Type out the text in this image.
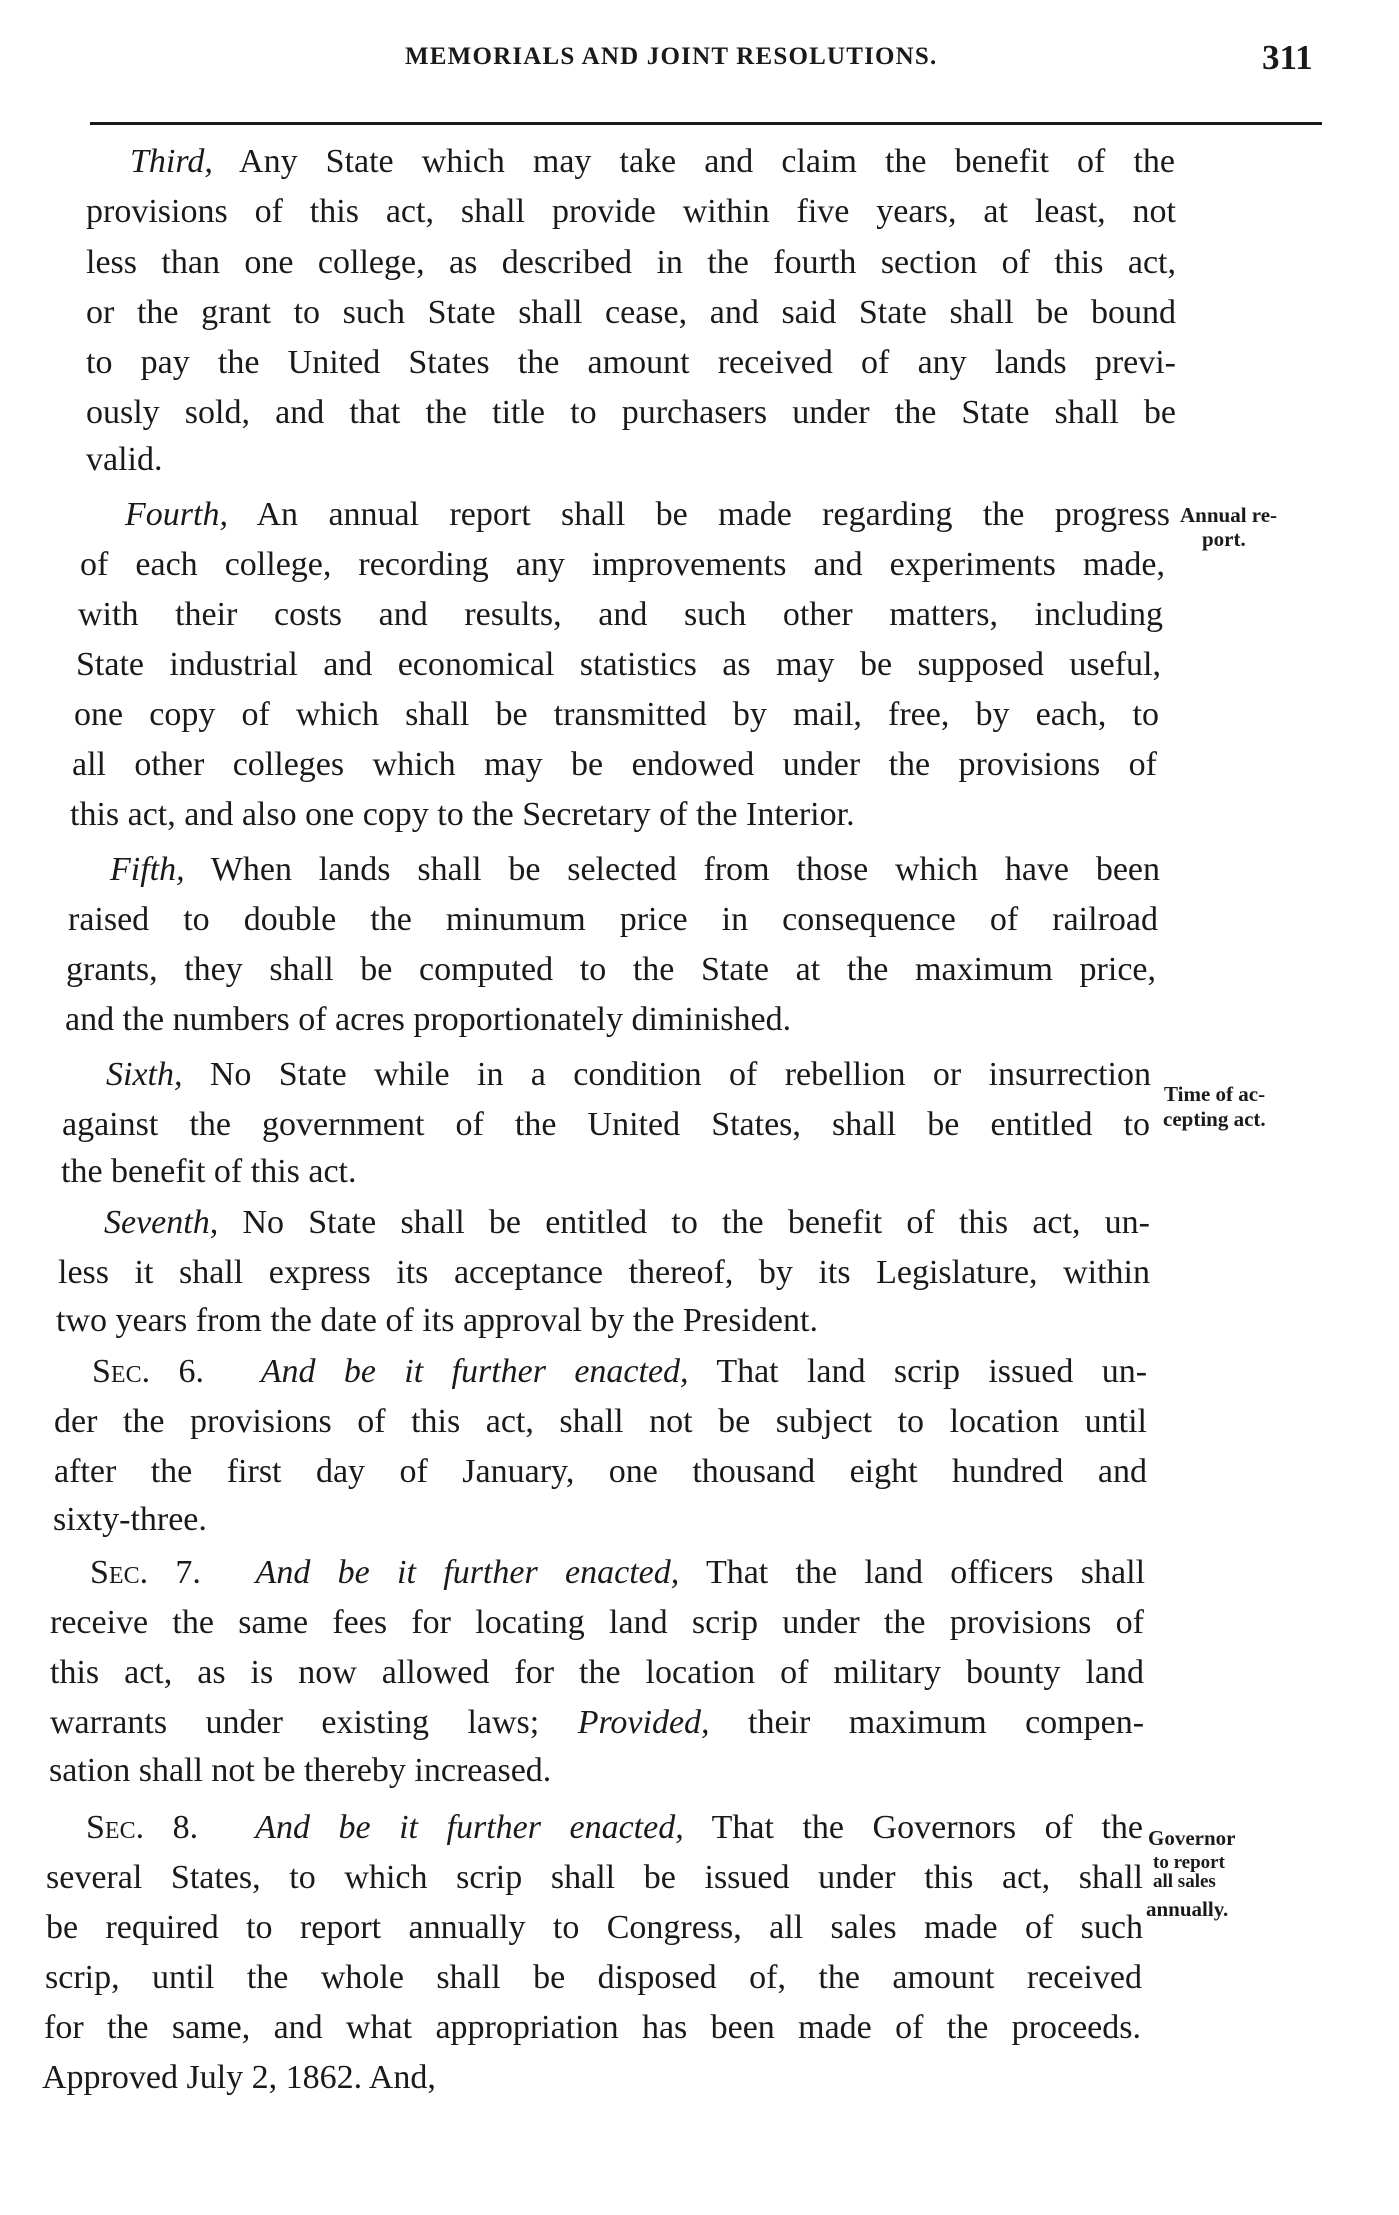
MEMORIALS AND JOINT RESOLUTIONS.	311
Third, Any State which may take and claim the benefit of the
provisions of this act, shall provide within five years, at least, not
less than one college, as described in the fourth section of this act,
or the grant to such State shall cease, and said State shall be bound
to pay the United States the amount received of any lands previ-
ously sold, and that the title to purchasers under the State shall be
valid.
Fourth, An annual report shall be made regarding the progress
of each college, recording any improvements and experiments made,
with their costs and results, and such other matters, including
State industrial and economical statistics as may be supposed useful,
one copy of which shall be transmitted by mail, free, by each, to
all other colleges which may be endowed under the provisions of
this act, and also one copy to the Secretary of the Interior.
Fifth, When lands shall be selected from those which have been
raised to double the minumum price in consequence of railroad
grants, they shall be computed to the State at the maximum price,
and the numbers of acres proportionately diminished.
Sixth, No State while in a condition of rebellion or insurrection
against the government of the United States, shall be entitled to
the benefit of this act.
Seventh, No State shall be entitled to the benefit of this act, un-
less it shall express its acceptance thereof, by its Legislature, within
two years from the date of its approval by the President.
Sec. 6. And be it further enacted, That land scrip issued un-
der the provisions of this act, shall not be subject to location until
after the first day of January, one thousand eight hundred and
sixty-three.
Sec. 7. And be it further enacted, That the land officers shall
receive the same fees for locating land scrip under the provisions of
this act, as is now allowed for the location of military bounty land
warrants under existing laws; Provided, their maximum compen-
sation shall not be thereby increased.
Sec. 8. And be it further enacted, That the Governors of the
several States, to which scrip shall be issued under this act, shall
be required to report annually to Congress, all sales made of such
scrip, until the whole shall be disposed of, the amount received
for the same, and what appropriation has been made of the proceeds.
Approved July 2, 1862. And,
Annual re-
port.
Time of ac-
cepting act.
Governor
to report
all sales
annually.
